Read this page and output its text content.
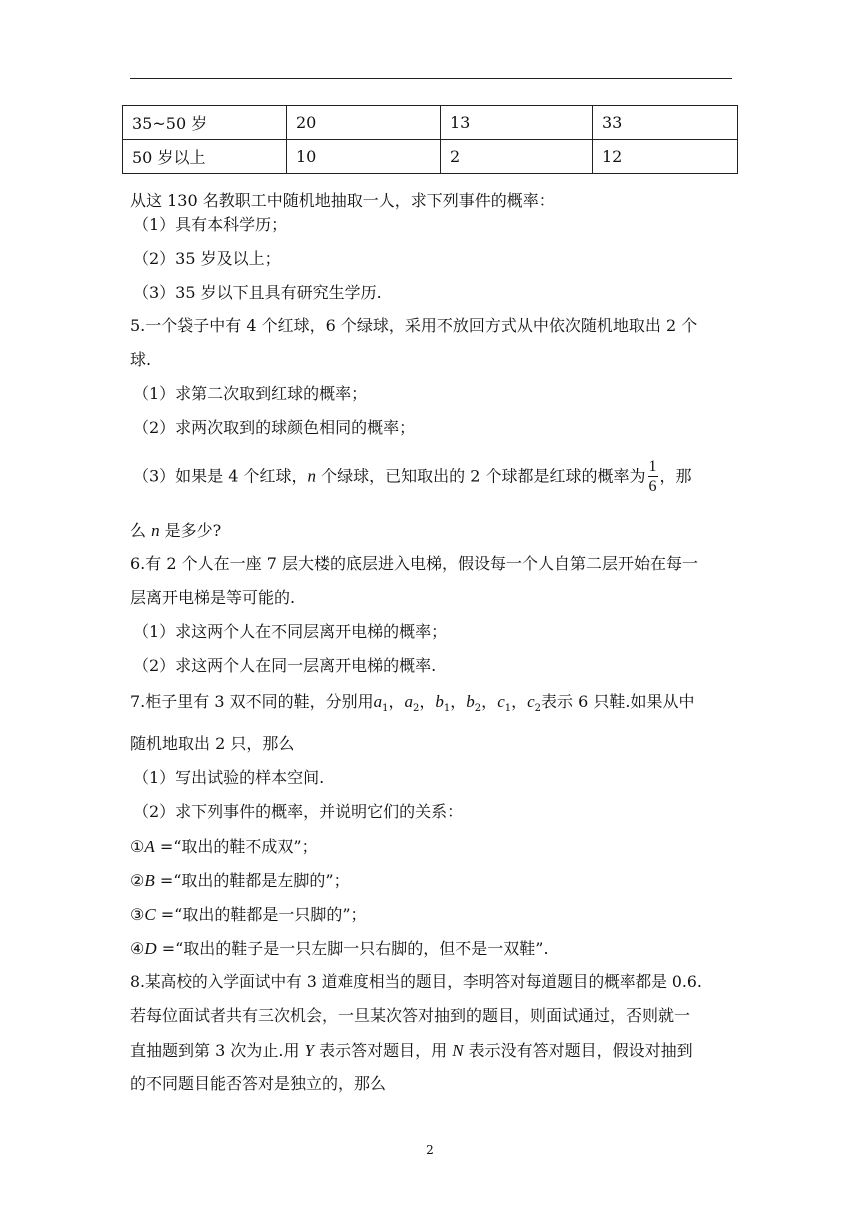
35~50 岁	20	13	33
50 岁以上	10	2	12
从这 130 名教职工中随机地抽取一人，求下列事件的概率：
（1）具有本科学历；
（2）35 岁及以上；
（3）35 岁以下且具有研究生学历.
5.一个袋子中有 4 个红球，6 个绿球，采用不放回方式从中依次随机地取出 2 个
球.
（1）求第二次取到红球的概率；
（2）求两次取到的球颜色相同的概率；
（3）如果是 4 个红球，n 个绿球，已知取出的 2 个球都是红球的概率为 $\frac{1}{6}$ ，那
么 n 是多少?
6.有 2 个人在一座 7 层大楼的底层进入电梯，假设每一个人自第二层开始在每一
层离开电梯是等可能的.
（1）求这两个人在不同层离开电梯的概率；
（2）求这两个人在同一层离开电梯的概率.
7.柜子里有 3 双不同的鞋，分别用$a_1$，$a_2$，$b_1$，$b_2$，$c_1$，$c_2$表示 6 只鞋.如果从中
随机地取出 2 只，那么
（1）写出试验的样本空间.
（2）求下列事件的概率，并说明它们的关系：
①A =“取出的鞋不成双”；
②B =“取出的鞋都是左脚的”；
③C =“取出的鞋都是一只脚的”；
④D =“取出的鞋子是一只左脚一只右脚的，但不是一双鞋”.
8.某高校的入学面试中有 3 道难度相当的题目，李明答对每道题目的概率都是 0.6.
若每位面试者共有三次机会，一旦某次答对抽到的题目，则面试通过，否则就一
直抽题到第 3 次为止.用 Y 表示答对题目，用 N 表示没有答对题目，假设对抽到
的不同题目能否答对是独立的，那么
2
